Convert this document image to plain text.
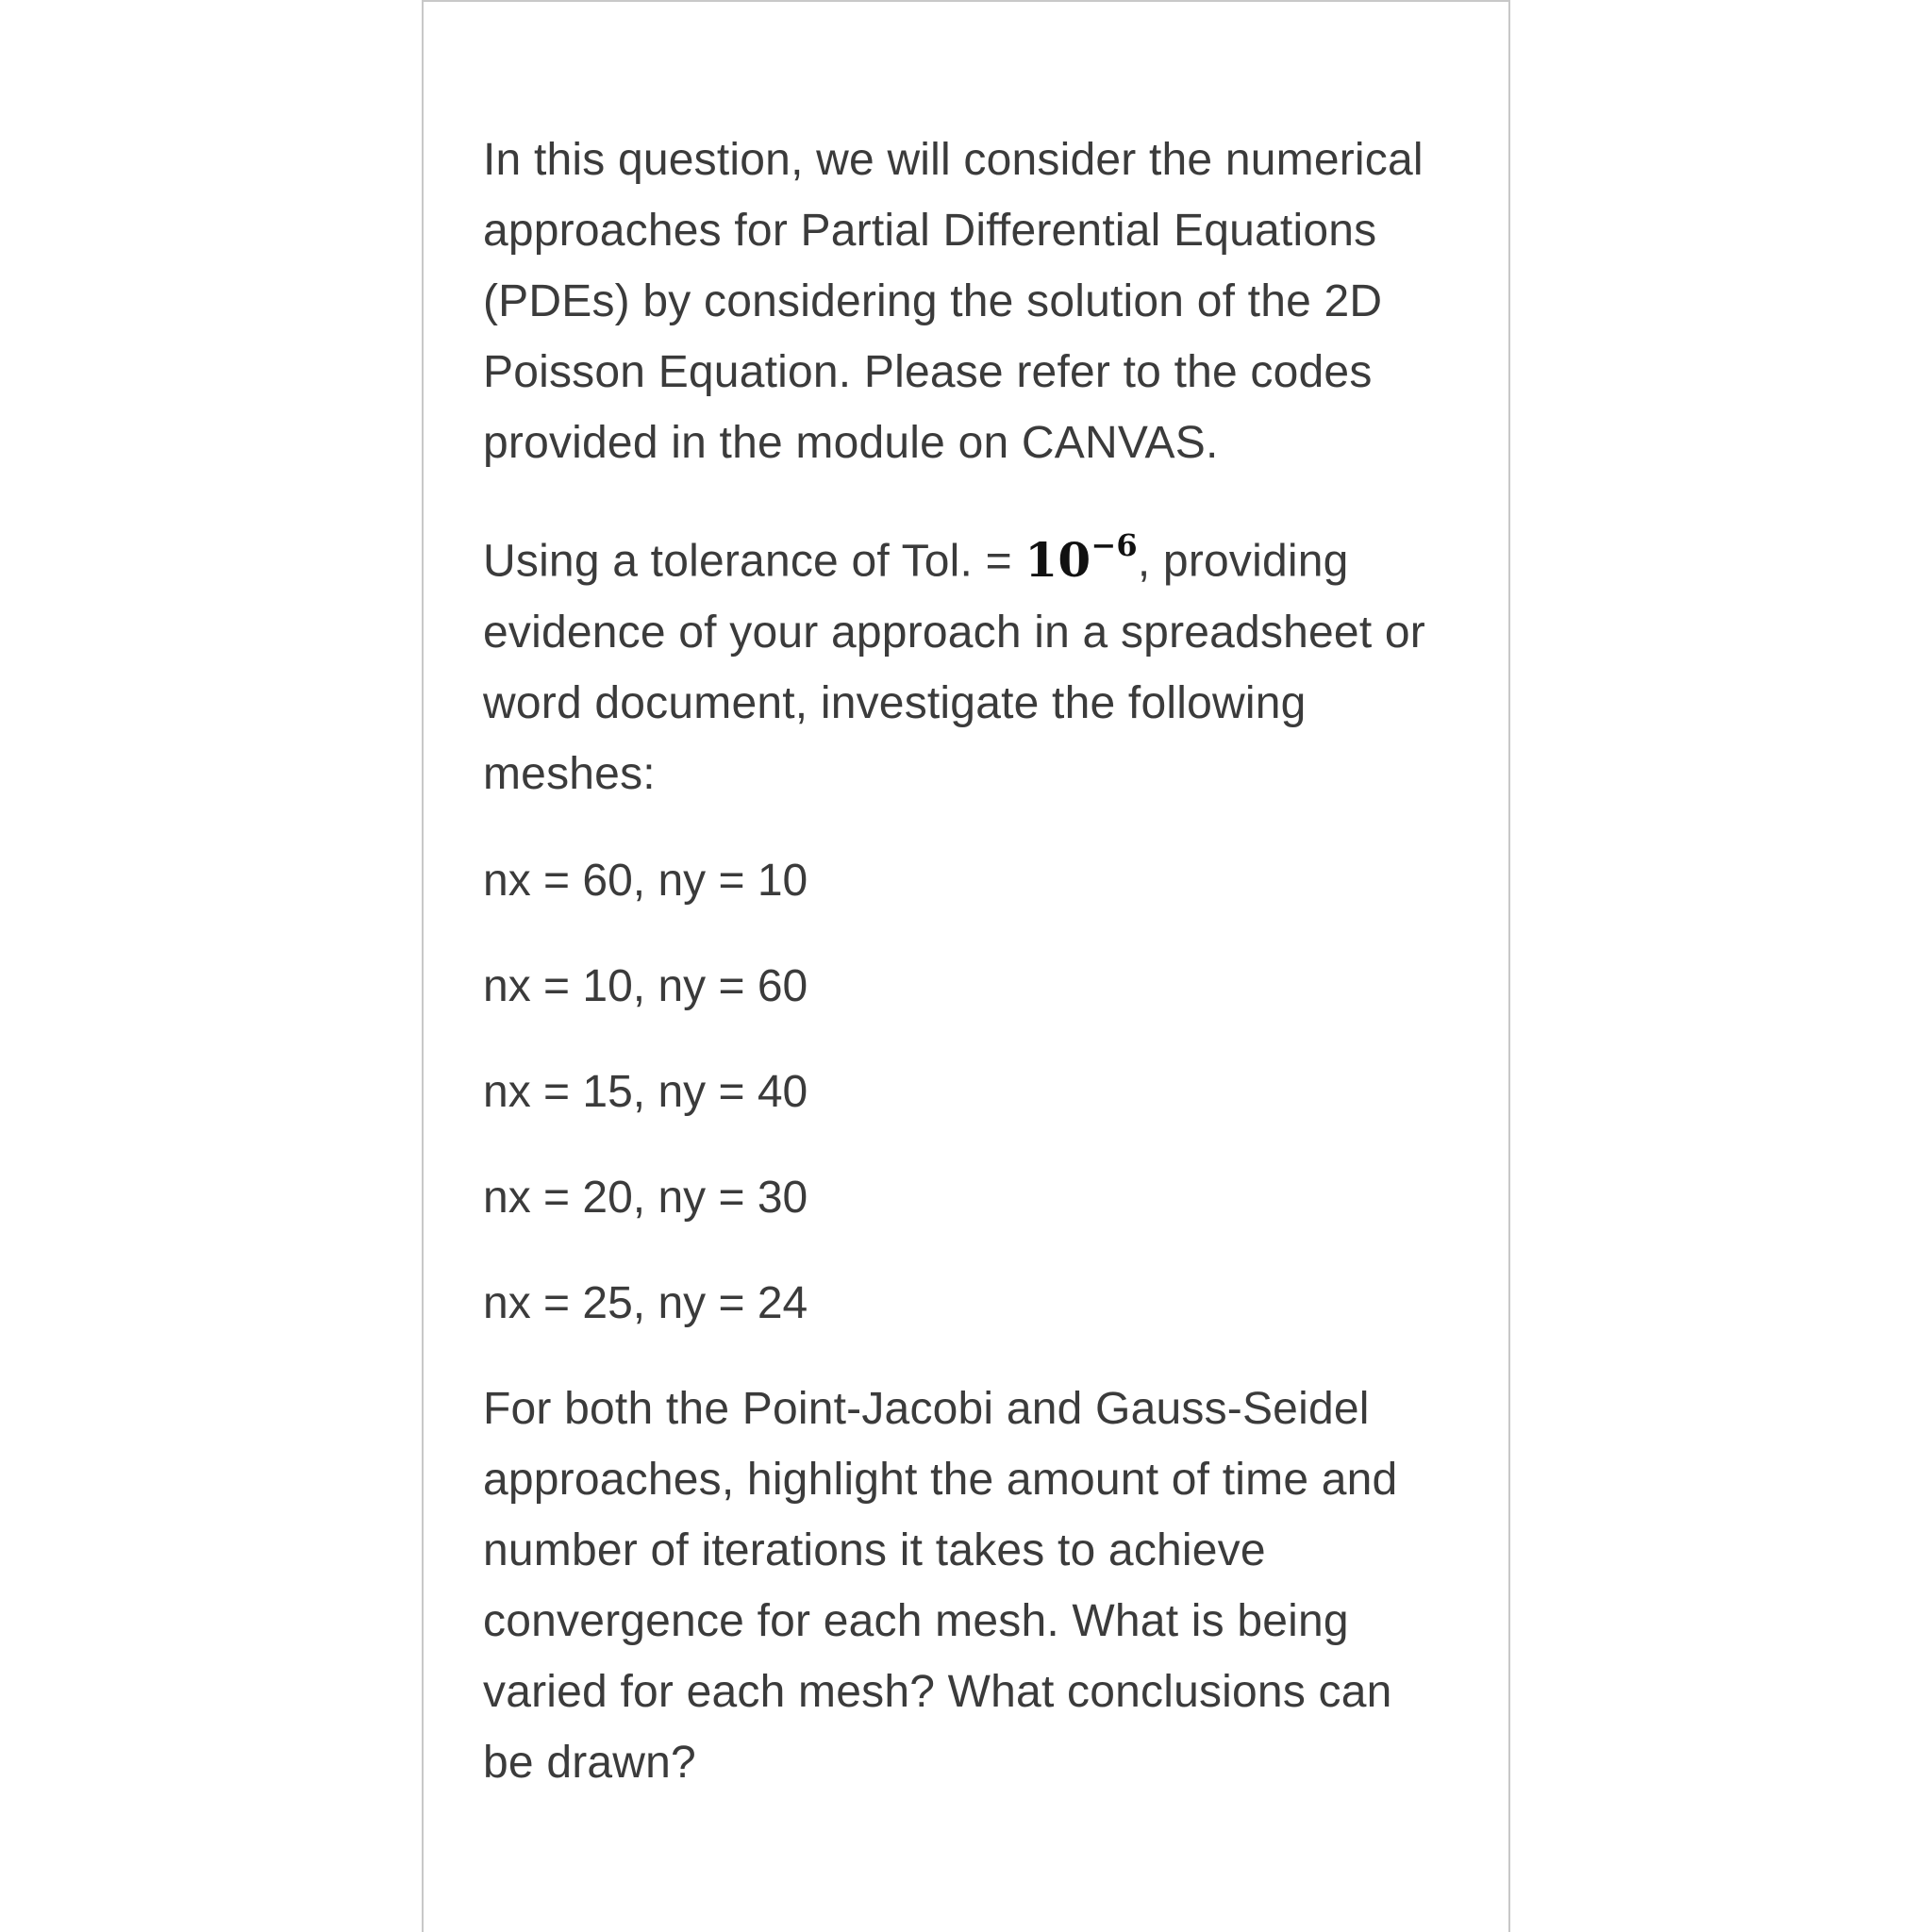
In this question, we will consider the numerical approaches for Partial Differential Equations (PDEs) by considering the solution of the 2D Poisson Equation. Please refer to the codes provided in the module on CANVAS.

Using a tolerance of Tol. = $10^{-6}$, providing evidence of your approach in a spreadsheet or word document, investigate the following meshes:

nx = 60, ny = 10

nx = 10, ny = 60

nx = 15, ny = 40

nx = 20, ny = 30

nx = 25, ny = 24

For both the Point-Jacobi and Gauss-Seidel approaches, highlight the amount of time and number of iterations it takes to achieve convergence for each mesh. What is being varied for each mesh? What conclusions can be drawn?
